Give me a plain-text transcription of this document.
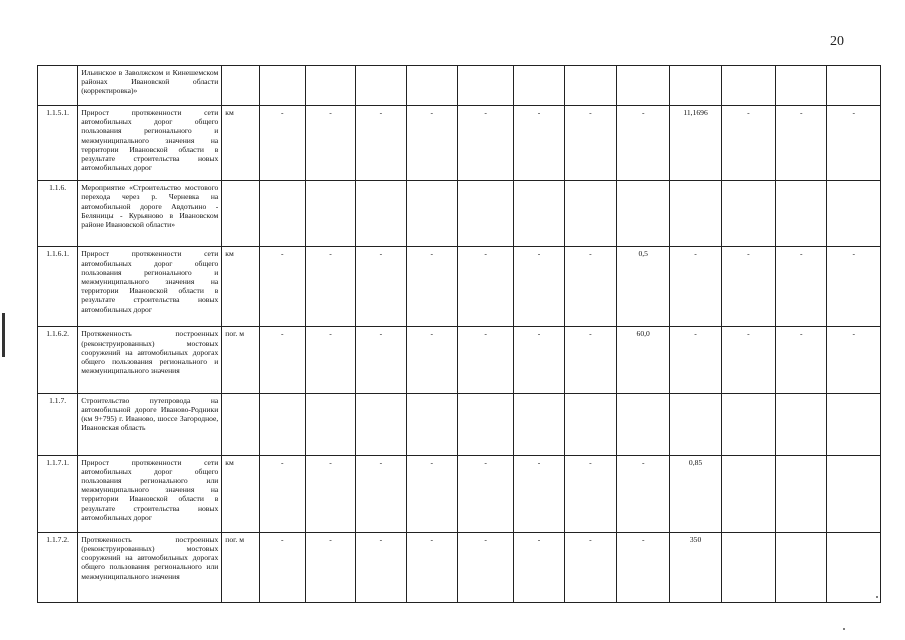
20
	Ильинское в Заволжском и Кинешемском районах Ивановской области (корректировка)»													
1.1.5.1.	Прирост протяженности сети автомобильных дорог общего пользования регионального и межмуниципального значения на территории Ивановской области в результате строительства новых автомобильных дорог	км	-	-	-	-	-	-	-	-	11,1696	-	-	-
1.1.6.	Мероприятие «Строительство мостового перехода через р. Черневка на автомобильной дороге Авдотьино - Беляницы - Курьяново в Ивановском районе Ивановской области»													
1.1.6.1.	Прирост протяженности сети автомобильных дорог общего пользования регионального и межмуниципального значения на территории Ивановской области в результате строительства новых автомобильных дорог	км	-	-	-	-	-	-	-	0,5	-	-	-	-
1.1.6.2.	Протяженность построенных (реконструированных) мостовых сооружений на автомобильных дорогах общего пользования регионального и межмуниципального значения	пог. м	-	-	-	-	-	-	-	60,0	-	-	-	-
1.1.7.	Строительство путепровода на автомобильной дороге Иваново-Родники (км 9+795) г. Иваново, шоссе Загородное, Ивановская область													
1.1.7.1.	Прирост протяженности сети автомобильных дорог общего пользования регионального или межмуниципального значения на территории Ивановской области в результате строительства новых автомобильных дорог	км	-	-	-	-	-	-	-	-	0,85			
1.1.7.2.	Протяженность построенных (реконструированных) мостовых сооружений на автомобильных дорогах общего пользования регионального или межмуниципального значения	пог. м	-	-	-	-	-	-	-	-	350			
